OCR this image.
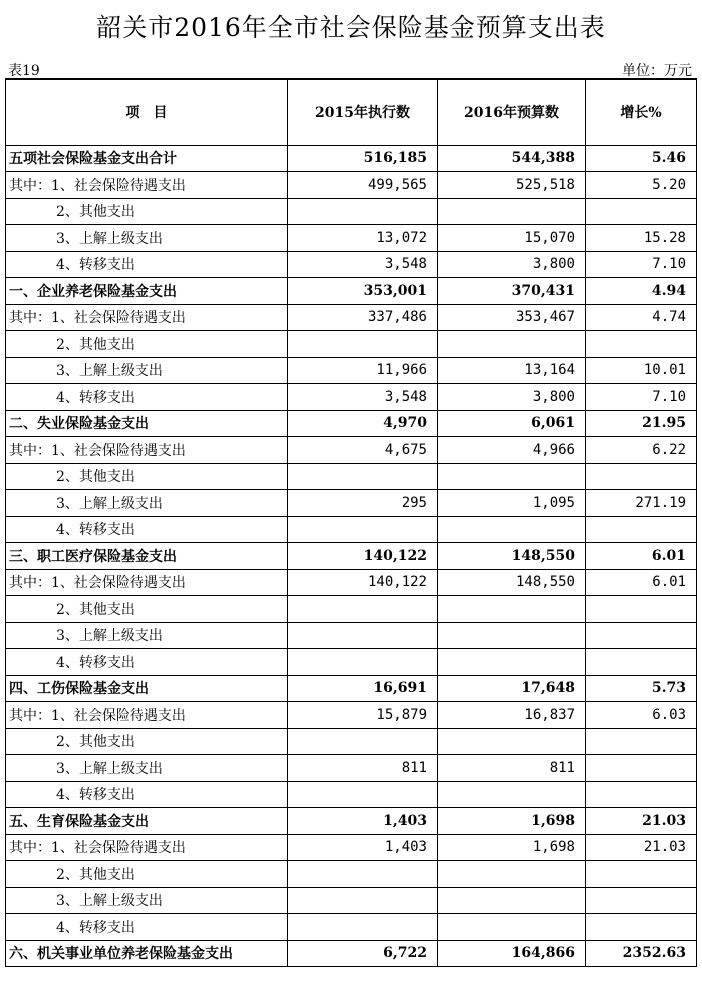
韶关市2016年全市社会保险基金预算支出表
表19	单位：万元
项　目	2015年执行数	2016年预算数	增长%
五项社会保险基金支出合计	516,185	544,388	5.46
其中：1、社会保险待遇支出	499,565	525,518	5.20
2、其他支出			
3、上解上级支出	13,072	15,070	15.28
4、转移支出	3,548	3,800	7.10
一、企业养老保险基金支出	353,001	370,431	4.94
其中：1、社会保险待遇支出	337,486	353,467	4.74
2、其他支出			
3、上解上级支出	11,966	13,164	10.01
4、转移支出	3,548	3,800	7.10
二、失业保险基金支出	4,970	6,061	21.95
其中：1、社会保险待遇支出	4,675	4,966	6.22
2、其他支出			
3、上解上级支出	295	1,095	271.19
4、转移支出			
三、职工医疗保险基金支出	140,122	148,550	6.01
其中：1、社会保险待遇支出	140,122	148,550	6.01
2、其他支出			
3、上解上级支出			
4、转移支出			
四、工伤保险基金支出	16,691	17,648	5.73
其中：1、社会保险待遇支出	15,879	16,837	6.03
2、其他支出			
3、上解上级支出	811	811	
4、转移支出			
五、生育保险基金支出	1,403	1,698	21.03
其中：1、社会保险待遇支出	1,403	1,698	21.03
2、其他支出			
3、上解上级支出			
4、转移支出			
六、机关事业单位养老保险基金支出	6,722	164,866	2352.63
